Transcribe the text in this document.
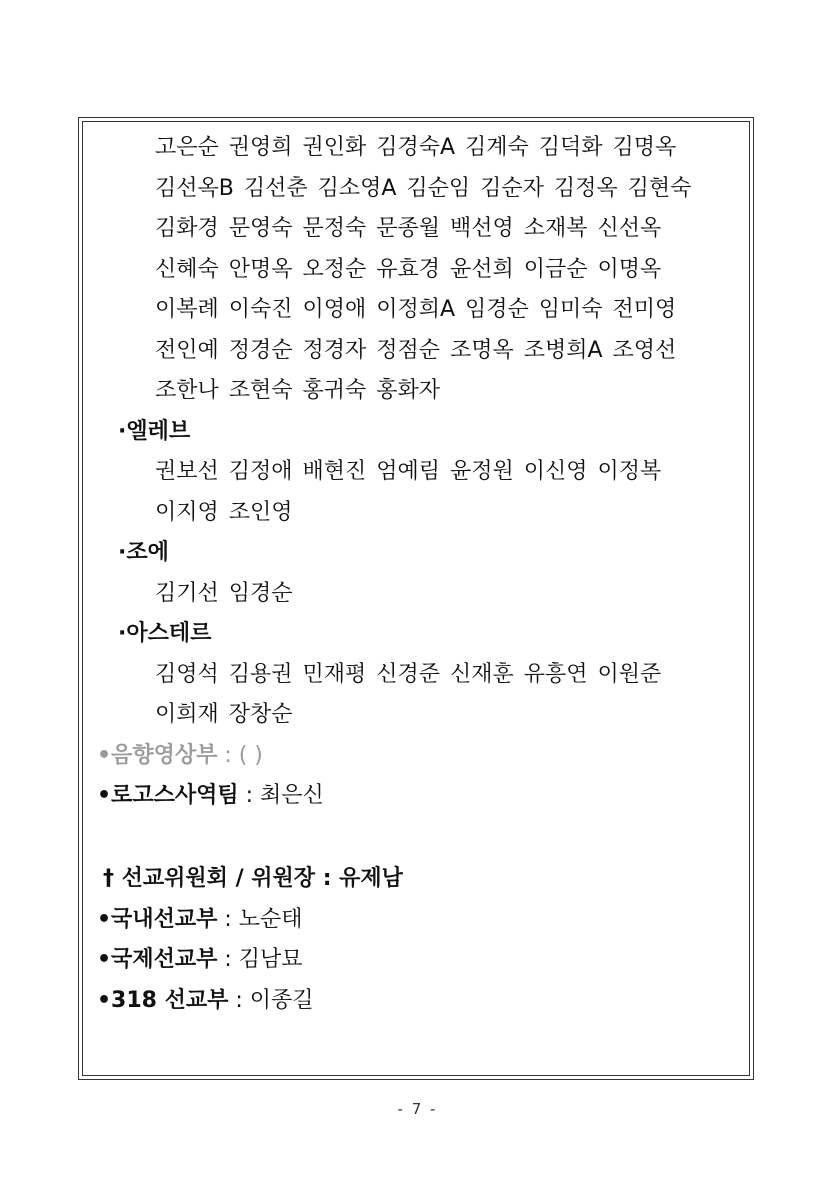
고은순 권영희 권인화 김경숙A 김계숙 김덕화 김명옥
김선옥B 김선춘 김소영A 김순임 김순자 김정옥 김현숙
김화경 문영숙 문정숙 문종월 백선영 소재복 신선옥
신혜숙 안명옥 오정순 유효경 윤선희 이금순 이명옥
이복례 이숙진 이영애 이정희A 임경순 임미숙 전미영
전인예 정경순 정경자 정점순 조명옥 조병희A 조영선
조한나 조현숙 홍귀숙 홍화자
·엘레브
권보선 김정애 배현진 엄예림 윤정원 이신영 이정복
이지영 조인영
·조에
김기선 임경순
·아스테르
김영석 김용권 민재평 신경준 신재훈 유흥연 이원준
이희재 장창순
•음향영상부 : ( )
•로고스사역팀 : 최은신
† 선교위원회 / 위원장 : 유제남
•국내선교부 : 노순태
•국제선교부 : 김남묘
•318 선교부 : 이종길
- 7 -
